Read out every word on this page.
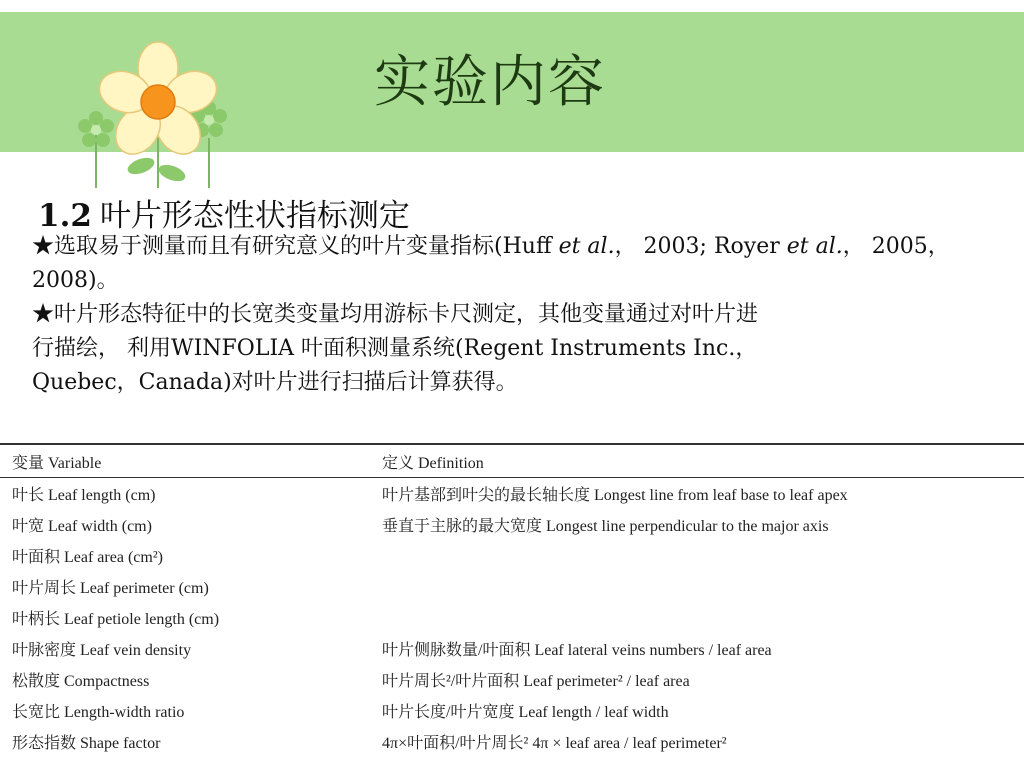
实验内容
1.2 叶片形态性状指标测定
★选取易于测量而且有研究意义的叶片变量指标(Huff et al.， 2003; Royer et al.， 2005， 2008)。
★叶片形态特征中的长宽类变量均用游标卡尺测定，其他变量通过对叶片进
行描绘， 利用WINFOLIA 叶面积测量系统(Regent Instruments Inc.，
Quebec，Canada)对叶片进行扫描后计算获得。
变量 Variable	定义 Definition
叶长 Leaf length (cm)	叶片基部到叶尖的最长轴长度 Longest line from leaf base to leaf apex
叶宽 Leaf width (cm)	垂直于主脉的最大宽度 Longest line perpendicular to the major axis
叶面积 Leaf area (cm²)	
叶片周长 Leaf perimeter (cm)	
叶柄长 Leaf petiole length (cm)	
叶脉密度 Leaf vein density	叶片侧脉数量/叶面积 Leaf lateral veins numbers / leaf area
松散度 Compactness	叶片周长²/叶片面积 Leaf perimeter² / leaf area
长宽比 Length-width ratio	叶片长度/叶片宽度 Leaf length / leaf width
形态指数 Shape factor	4π×叶面积/叶片周长² 4π × leaf area / leaf perimeter²
